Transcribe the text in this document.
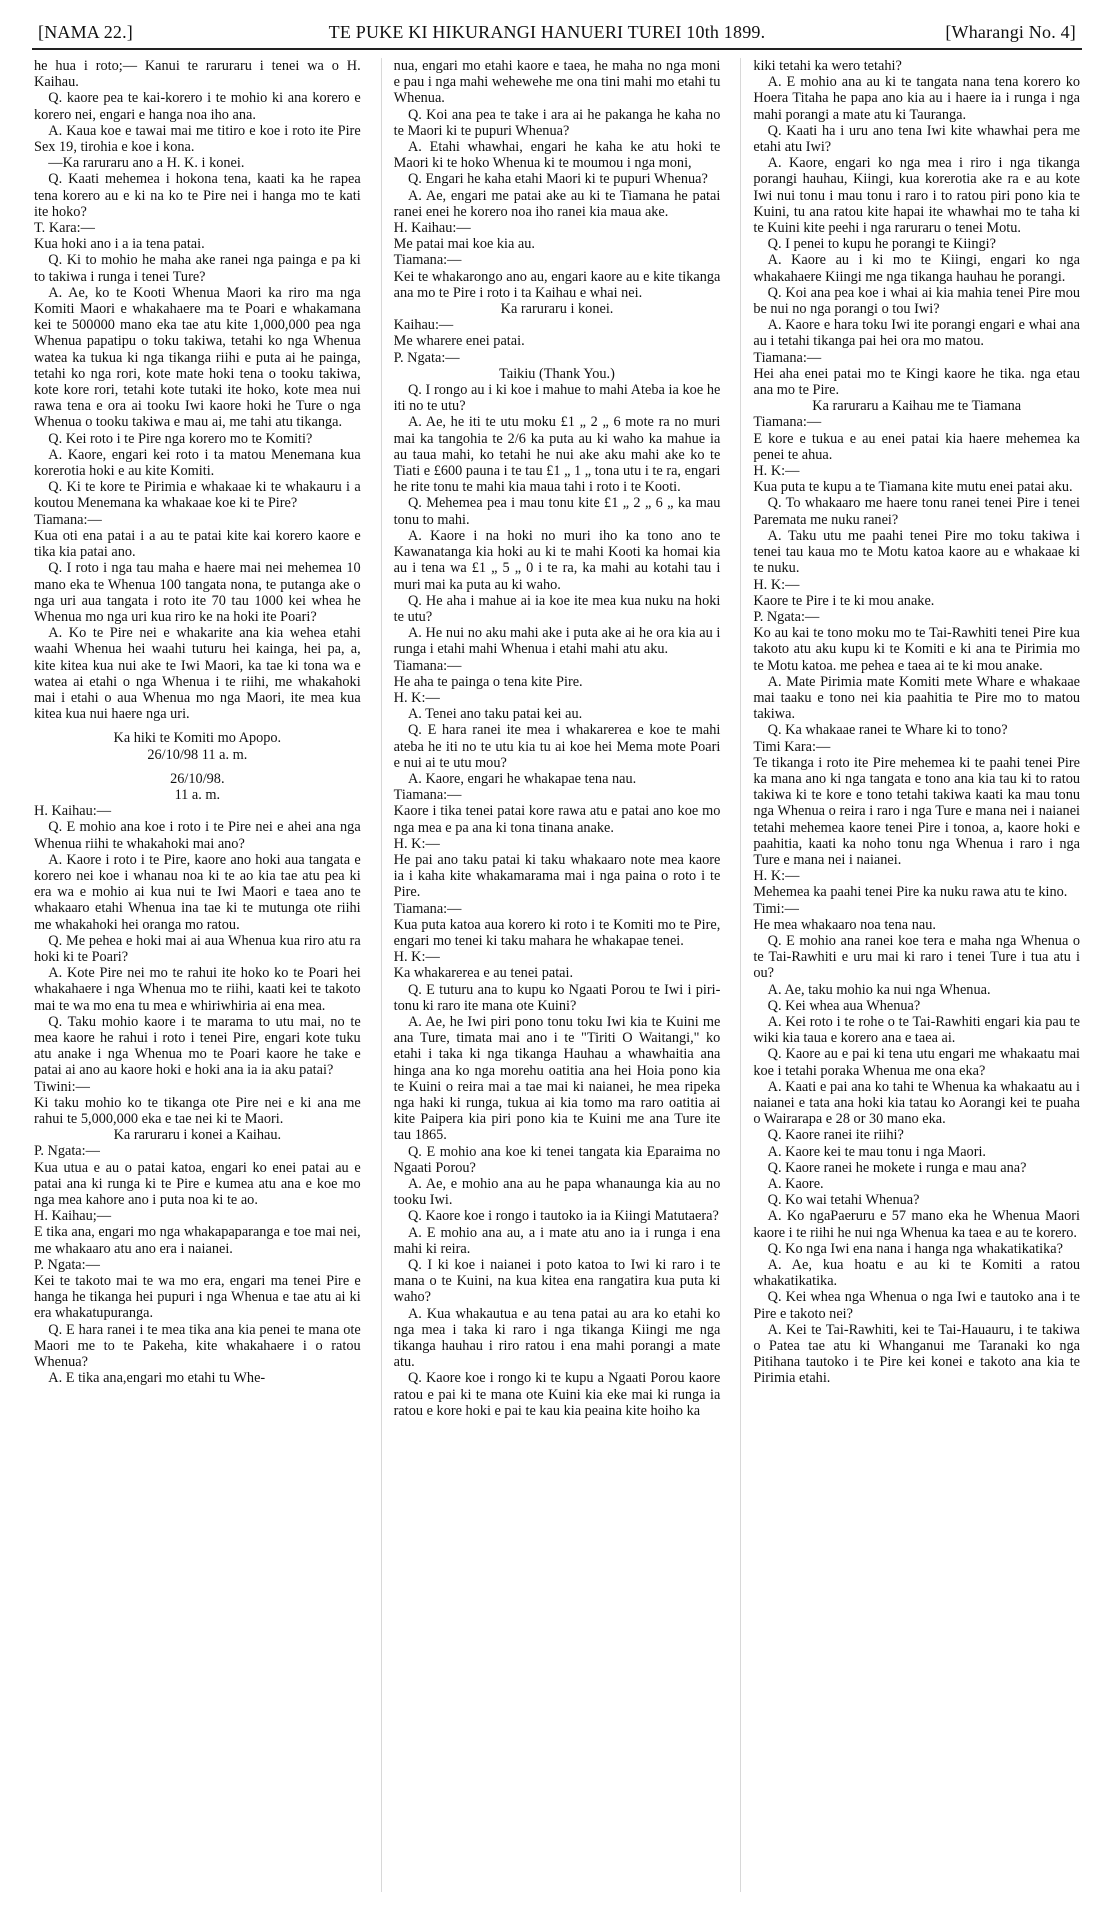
[NAMA 22.]	TE PUKE KI HIKURANGI HANUERI TUREI 10th 1899.	[Wharangi No. 4]

he hua i roto;— Kanui te raruraru i tenei wa o H. Kaihau.

Q. kaore pea te kai-korero i te mohio ki ana korero e korero nei, engari e hanga noa iho ana.

A. Kaua koe e tawai mai me titiro e koe i roto ite Pire Sex 19, tirohia e koe i kona.

—Ka raruraru ano a H. K. i konei.

Q. Kaati mehemea i hokona tena, kaati ka he rapea tena korero au e ki na ko te Pire nei i hanga mo te kati ite hoko?

T. Kara:—

Kua hoki ano i a ia tena patai.

Q. Ki to mohio he maha ake ranei nga painga e pa ki to takiwa i runga i tenei Ture?

A. Ae, ko te Kooti Whenua Maori ka riro ma nga Komiti Maori e whakahaere ma te Poari e whakamana kei te 500000 mano eka tae atu kite 1,000,000 pea nga Whenua papatipu o toku takiwa, tetahi ko nga Whenua watea ka tukua ki nga tikanga riihi e puta ai he painga, tetahi ko nga rori, kote mate hoki tena o tooku takiwa, kote kore rori, tetahi kote tutaki ite hoko, kote mea nui rawa tena e ora ai tooku Iwi kaore hoki he Ture o nga Whenua o tooku takiwa e mau ai, me tahi atu tikanga.

Q. Kei roto i te Pire nga korero mo te Komiti?

A. Kaore, engari kei roto i ta matou Menemana kua korerotia hoki e au kite Komiti.

Q. Ki te kore te Pirimia e whakaae ki te whakauru i a koutou Menemana ka whakaae koe ki te Pire?

Tiamana:—

Kua oti ena patai i a au te patai kite kai korero kaore e tika kia patai ano.

Q. I roto i nga tau maha e haere mai nei mehemea 10 mano eka te Whenua 100 tangata nona, te putanga ake o nga uri aua tangata i roto ite 70 tau 1000 kei whea he Whenua mo nga uri kua riro ke na hoki ite Poari?

A. Ko te Pire nei e whakarite ana kia wehea etahi waahi Whenua hei waahi tuturu hei kainga, hei pa, a, kite kitea kua nui ake te Iwi Maori, ka tae ki tona wa e watea ai etahi o nga Whenua i te riihi, me whakahoki mai i etahi o aua Whenua mo nga Maori, ite mea kua kitea kua nui haere nga uri.

Ka hiki te Komiti mo Apopo.

26/10/98 11 a. m.

26/10/98.

11 a. m.

H. Kaihau:—

Q. E mohio ana koe i roto i te Pire nei e ahei ana nga Whenua riihi te whakahoki mai ano?

A. Kaore i roto i te Pire, kaore ano hoki aua tangata e korero nei koe i whanau noa ki te ao kia tae atu pea ki era wa e mohio ai kua nui te Iwi Maori e taea ano te whakaaro etahi Whenua ina tae ki te mutunga ote riihi me whakahoki hei oranga mo ratou.

Q. Me pehea e hoki mai ai aua Whenua kua riro atu ra hoki ki te Poari?

A. Kote Pire nei mo te rahui ite hoko ko te Poari hei whakahaere i nga Whenua mo te riihi, kaati kei te takoto mai te wa mo ena tu mea e whiriwhiria ai ena mea.

Q. Taku mohio kaore i te marama to utu mai, no te mea kaore he rahui i roto i tenei Pire, engari kote tuku atu anake i nga Whenua mo te Poari kaore he take e patai ai ano au kaore hoki e hoki ana ia ia aku patai?

Tiwini:—

Ki taku mohio ko te tikanga ote Pire nei e ki ana me rahui te 5,000,000 eka e tae nei ki te Maori.

Ka raruraru i konei a Kaihau.

P. Ngata:—

Kua utua e au o patai katoa, engari ko enei patai au e patai ana ki runga ki te Pire e kumea atu ana e koe mo nga mea kahore ano i puta noa ki te ao.

H. Kaihau;—

E tika ana, engari mo nga whakapaparanga e toe mai nei, me whakaaro atu ano era i naianei.

P. Ngata:—

Kei te takoto mai te wa mo era, engari ma tenei Pire e hanga he tikanga hei pupuri i nga Whenua e tae atu ai ki era whakatupuranga.

Q. E hara ranei i te mea tika ana kia penei te mana ote Maori me to te Pakeha, kite whakahaere i o ratou Whenua?

A. E tika ana,engari mo etahi tu Whe-

nua, engari mo etahi kaore e taea, he maha no nga moni e pau i nga mahi wehewehe me ona tini mahi mo etahi tu Whenua.

Q. Koi ana pea te take i ara ai he pakanga he kaha no te Maori ki te pupuri Whenua?

A. Etahi whawhai, engari he kaha ke atu hoki te Maori ki te hoko Whenua ki te moumou i nga moni,

Q. Engari he kaha etahi Maori ki te pupuri Whenua?

A. Ae, engari me patai ake au ki te Tiamana he patai ranei enei he korero noa iho ranei kia maua ake.

H. Kaihau:—

Me patai mai koe kia au.

Tiamana:—

Kei te whakarongo ano au, engari kaore au e kite tikanga ana mo te Pire i roto i ta Kaihau e whai nei.

Ka raruraru i konei.

Kaihau:—

Me wharere enei patai.

P. Ngata:—

Taikiu (Thank You.)

Q. I rongo au i ki koe i mahue to mahi Ateba ia koe he iti no te utu?

A. Ae, he iti te utu moku £1 „ 2 „ 6 mote ra no muri mai ka tangohia te 2/6 ka puta au ki waho ka mahue ia au taua mahi, ko tetahi he nui ake aku mahi ake ko te Tiati e £600 pauna i te tau £1 „ 1 „ tona utu i te ra, engari he rite tonu te mahi kia maua tahi i roto i te Kooti.

Q. Mehemea pea i mau tonu kite £1 „ 2 „ 6 „ ka mau tonu to mahi.

A. Kaore i na hoki no muri iho ka tono ano te Kawanatanga kia hoki au ki te mahi Kooti ka homai kia au i tena wa £1 „ 5 „ 0 i te ra, ka mahi au kotahi tau i muri mai ka puta au ki waho.

Q. He aha i mahue ai ia koe ite mea kua nuku na hoki te utu?

A. He nui no aku mahi ake i puta ake ai he ora kia au i runga i etahi mahi Whenua i etahi mahi atu aku.

Tiamana:—

He aha te painga o tena kite Pire.

H. K:—

A. Tenei ano taku patai kei au.

Q. E hara ranei ite mea i whakarerea e koe te mahi ateba he iti no te utu kia tu ai koe hei Mema mote Poari e nui ai te utu mou?

A. Kaore, engari he whakapae tena nau.

Tiamana:—

Kaore i tika tenei patai kore rawa atu e patai ano koe mo nga mea e pa ana ki tona tinana anake.

H. K:—

He pai ano taku patai ki taku whakaaro note mea kaore ia i kaha kite whakamarama mai i nga paina o roto i te Pire.

Tiamana:—

Kua puta katoa aua korero ki roto i te Komiti mo te Pire, engari mo tenei ki taku mahara he whakapae tenei.

H. K:—

Ka whakarerea e au tenei patai.

Q. E tuturu ana to kupu ko Ngaati Porou te Iwi i piri-tonu ki raro ite mana ote Kuini?

A. Ae, he Iwi piri pono tonu toku Iwi kia te Kuini me ana Ture, timata mai ano i te "Tiriti O Waitangi," ko etahi i taka ki nga tikanga Hauhau a whawhaitia ana hinga ana ko nga morehu oatitia ana hei Hoia pono kia te Kuini o reira mai a tae mai ki naianei, he mea ripeka nga haki ki runga, tukua ai kia tomo ma raro oatitia ai kite Paipera kia piri pono kia te Kuini me ana Ture ite tau 1865.

Q. E mohio ana koe ki tenei tangata kia Eparaima no Ngaati Porou?

A. Ae, e mohio ana au he papa whanaunga kia au no tooku Iwi.

Q. Kaore koe i rongo i tautoko ia ia Kiingi Matutaera?

A. E mohio ana au, a i mate atu ano ia i runga i ena mahi ki reira.

Q. I ki koe i naianei i poto katoa to Iwi ki raro i te mana o te Kuini, na kua kitea ena rangatira kua puta ki waho?

A. Kua whakautua e au tena patai au ara ko etahi ko nga mea i taka ki raro i nga tikanga Kiingi me nga tikanga hauhau i riro ratou i ena mahi porangi a mate atu.

Q. Kaore koe i rongo ki te kupu a Ngaati Porou kaore ratou e pai ki te mana ote Kuini kia eke mai ki runga ia ratou e kore hoki e pai te kau kia peaina kite hoiho ka

kiki tetahi ka wero tetahi?

A. E mohio ana au ki te tangata nana tena korero ko Hoera Titaha he papa ano kia au i haere ia i runga i nga mahi porangi a mate atu ki Tauranga.

Q. Kaati ha i uru ano tena Iwi kite whawhai pera me etahi atu Iwi?

A. Kaore, engari ko nga mea i riro i nga tikanga porangi hauhau, Kiingi, kua korerotia ake ra e au kote Iwi nui tonu i mau tonu i raro i to ratou piri pono kia te Kuini, tu ana ratou kite hapai ite whawhai mo te taha ki te Kuini kite peehi i nga raruraru o tenei Motu.

Q. I penei to kupu he porangi te Kiingi?

A. Kaore au i ki mo te Kiingi, engari ko nga whakahaere Kiingi me nga tikanga hauhau he porangi.

Q. Koi ana pea koe i whai ai kia mahia tenei Pire mou be nui no nga porangi o tou Iwi?

A. Kaore e hara toku Iwi ite porangi engari e whai ana au i tetahi tikanga pai hei ora mo matou.

Tiamana:—

Hei aha enei patai mo te Kingi kaore he tika. nga etau ana mo te Pire.

Ka raruraru a Kaihau me te Tiamana

Tiamana:—

E kore e tukua e au enei patai kia haere mehemea ka penei te ahua.

H. K:—

Kua puta te kupu a te Tiamana kite mutu enei patai aku.

Q. To whakaaro me haere tonu ranei tenei Pire i tenei Paremata me nuku ranei?

A. Taku utu me paahi tenei Pire mo toku takiwa i tenei tau kaua mo te Motu katoa kaore au e whakaae ki te nuku.

H. K:—

Kaore te Pire i te ki mou anake.

P. Ngata:—

Ko au kai te tono moku mo te Tai-Rawhiti tenei Pire kua takoto atu aku kupu ki te Komiti e ki ana te Pirimia mo te Motu katoa. me pehea e taea ai te ki mou anake.

A. Mate Pirimia mate Komiti mete Whare e whakaae mai taaku e tono nei kia paahitia te Pire mo to matou takiwa.

Q. Ka whakaae ranei te Whare ki to tono?

Timi Kara:—

Te tikanga i roto ite Pire mehemea ki te paahi tenei Pire ka mana ano ki nga tangata e tono ana kia tau ki to ratou takiwa ki te kore e tono tetahi takiwa kaati ka mau tonu nga Whenua o reira i raro i nga Ture e mana nei i naianei tetahi mehemea kaore tenei Pire i tonoa, a, kaore hoki e paahitia, kaati ka noho tonu nga Whenua i raro i nga Ture e mana nei i naianei.

H. K:—

Mehemea ka paahi tenei Pire ka nuku rawa atu te kino.

Timi:—

He mea whakaaro noa tena nau.

Q. E mohio ana ranei koe tera e maha nga Whenua o te Tai-Rawhiti e uru mai ki raro i tenei Ture i tua atu i ou?

A. Ae, taku mohio ka nui nga Whenua.

Q. Kei whea aua Whenua?

A. Kei roto i te rohe o te Tai-Rawhiti engari kia pau te wiki kia taua e korero ana e taea ai.

Q. Kaore au e pai ki tena utu engari me whakaatu mai koe i tetahi poraka Whenua me ona eka?

A. Kaati e pai ana ko tahi te Whenua ka whakaatu au i naianei e tata ana hoki kia tatau ko Aorangi kei te puaha o Wairarapa e 28 or 30 mano eka.

Q. Kaore ranei ite riihi?

A. Kaore kei te mau tonu i nga Maori.

Q. Kaore ranei he mokete i runga e mau ana?

A. Kaore.

Q. Ko wai tetahi Whenua?

A. Ko ngaPaeruru e 57 mano eka he Whenua Maori kaore i te riihi he nui nga Whenua ka taea e au te korero.

Q. Ko nga Iwi ena nana i hanga nga whakatikatika?

A. Ae, kua hoatu e au ki te Komiti a ratou whakatikatika.

Q. Kei whea nga Whenua o nga Iwi e tautoko ana i te Pire e takoto nei?

A. Kei te Tai-Rawhiti, kei te Tai-Hauauru, i te takiwa o Patea tae atu ki Whanganui me Taranaki ko nga Pitihana tautoko i te Pire kei konei e takoto ana kia te Pirimia etahi.
